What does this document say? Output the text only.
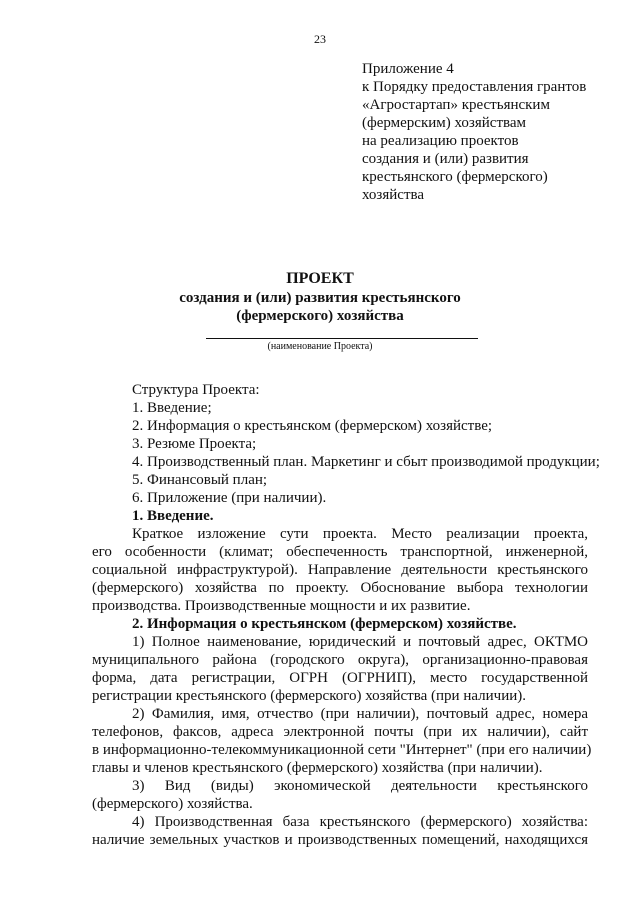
23
Приложение 4
к Порядку предоставления грантов
«Агростартап» крестьянским
(фермерским) хозяйствам
на реализацию проектов
создания и (или) развития
крестьянского (фермерского)
хозяйства
ПРОЕКТ
создания и (или) развития крестьянского
(фермерского) хозяйства
(наименование Проекта)
Структура Проекта:
1. Введение;
2. Информация о крестьянском (фермерском) хозяйстве;
3. Резюме Проекта;
4. Производственный план. Маркетинг и сбыт производимой продукции;
5. Финансовый план;
6. Приложение (при наличии).
1. Введение.
Краткое изложение сути проекта. Место реализации проекта,
его особенности (климат; обеспеченность транспортной, инженерной,
социальной инфраструктурой). Направление деятельности крестьянского
(фермерского) хозяйства по проекту. Обоснование выбора технологии
производства. Производственные мощности и их развитие.
2. Информация о крестьянском (фермерском) хозяйстве.
1) Полное наименование, юридический и почтовый адрес, ОКТМО
муниципального района (городского округа), организационно-правовая
форма, дата регистрации, ОГРН (ОГРНИП), место государственной
регистрации крестьянского (фермерского) хозяйства (при наличии).
2) Фамилия, имя, отчество (при наличии), почтовый адрес, номера
телефонов, факсов, адреса электронной почты (при их наличии), сайт
в информационно-телекоммуникационной сети "Интернет" (при его наличии)
главы и членов крестьянского (фермерского) хозяйства (при наличии).
3) Вид (виды) экономической деятельности крестьянского
(фермерского) хозяйства.
4) Производственная база крестьянского (фермерского) хозяйства:
наличие земельных участков и производственных помещений, находящихся
